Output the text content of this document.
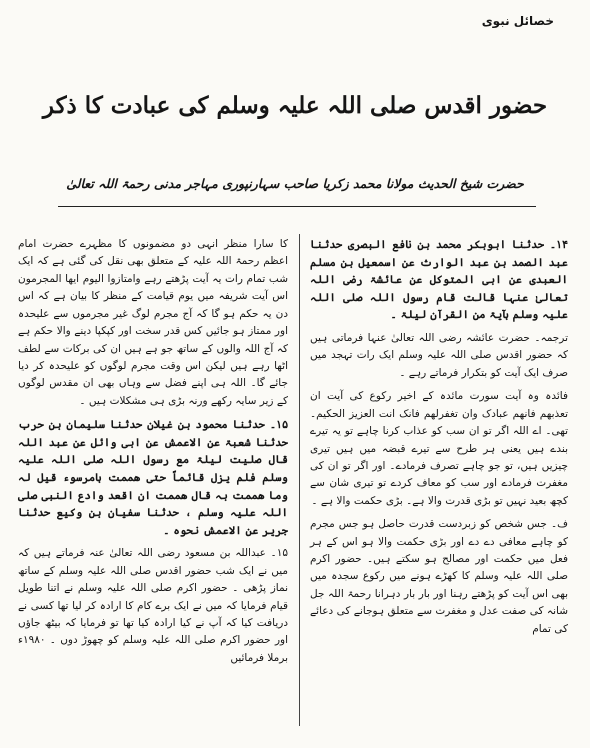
خصائل نبوی
حضور اقدس صلی اللہ علیہ وسلم کی عبادت کا ذکر
حضرت شیخ الحدیث مولانا محمد زکریا صاحب سہارنپوری مہاجر مدنی رحمۃ اللہ تعالیٰ

۱۴۔ حدثنا ابوبکر محمد بن نافع البصری حدثنا عبد الصمد بن عبد الوارث عن اسمعیل بن مسلم العبدی عن ابی المتوکل عن عائشۃ رضی اللہ تعالیٰ عنہا قالت قام رسول اللہ صلی اللہ علیہ وسلم بآیۃ من القرآن لیلۃ ۔

ترجمہ۔ حضرت عائشہ رضی اللہ تعالیٰ عنہا فرماتی ہیں کہ حضور اقدس صلی اللہ علیہ وسلم ایک رات تہجد میں صرف ایک آیت کو بتکرار فرماتے رہے ۔

فائدہ وہ آیت سورت مائدہ کے اخیر رکوع کی آیت ان تعذبھم فانھم عبادک وان تغفرلھم فانک انت العزیز الحکیم۔ تھی۔ اے اللہ اگر تو ان سب کو عذاب کرنا چاہے تو یہ تیرے بندے ہیں یعنی ہر طرح سے تیرے قبضہ میں ہیں تیری چیزیں ہیں، تو جو چاہے تصرف فرمادے۔ اور اگر تو ان کی مغفرت فرمادے اور سب کو معاف کردے تو تیری شان سے کچھ بعید نہیں تو بڑی قدرت والا ہے۔ بڑی حکمت والا ہے ۔

ف۔ جس شخص کو زبردست قدرت حاصل ہو جس مجرم کو چاہے معافی دے دے اور بڑی حکمت والا ہو اس کے ہر فعل میں حکمت اور مصالح ہو سکتے ہیں۔ حضور اکرم صلی اللہ علیہ وسلم کا کھڑے ہونے میں رکوع سجدہ میں بھی اس آیت کو پڑھتے رہنا اور بار بار دہرانا رحمۃ اللہ جل شانہ کی صفت عدل و مغفرت سے متعلق ہوجانے کی دعائے کی تمام

کا سارا منظر انہی دو مضمونوں کا مظہرے حضرت امام اعظم رحمۃ اللہ علیہ کے متعلق بھی نقل کی گئی ہے کہ ایک شب تمام رات یہ آیت پڑھتے رہے وامتازوا الیوم ایھا المجرمون اس آیت شریفہ میں یوم قیامت کے منظر کا بیان ہے کہ اس دن یہ حکم ہو گا کہ آج مجرم لوگ غیر مجرموں سے علیحدہ اور ممتاز ہو جائیں کس قدر سخت اور کپکپا دینے والا حکم ہے کہ آج اللہ والوں کے ساتھ جو ہے ہیں ان کی برکات سے لطف اٹھا رہے ہیں لیکن اس وقت مجرم لوگوں کو علیحدہ کر دیا جائے گا۔ اللہ ہی اپنے فضل سے وہاں بھی ان مقدس لوگوں کے زیر سایہ رکھے ورنہ بڑی ہی مشکلات ہیں ۔

۱۵۔ حدثنا محمود بن غیلان حدثنا سلیمان بن حرب حدثنا شعبۃ عن الاعمش عن ابی وائل عن عبد اللہ قال صلیت لیلۃ مع رسول اللہ صلی اللہ علیہ وسلم فلم یزل قائماً حتی ھممت بامرسوء قیل لہ وما ھممت بہ قال ھممت ان اقعد وادع النبی صلی اللہ علیہ وسلم ، حدثنا سفیان بن وکیع حدثنا جریر عن الاعمش نحوہ ۔

۱۵۔ عبداللہ بن مسعود رضی اللہ تعالیٰ عنہ فرماتے ہیں کہ میں نے ایک شب حضور اقدس صلی اللہ علیہ وسلم کے ساتھ نماز پڑھی ۔ حضور اکرم صلی اللہ علیہ وسلم نے اتنا طویل قیام فرمایا کہ میں نے ایک برے کام کا ارادہ کر لیا تھا کسی نے دریافت کیا کہ آپ نے کیا ارادہ کیا تھا تو فرمایا کہ بیٹھ جاؤں اور حضور اکرم صلی اللہ علیہ وسلم کو چھوڑ دوں ۔ ۱۹۸۰ء برملا فرمائیں
